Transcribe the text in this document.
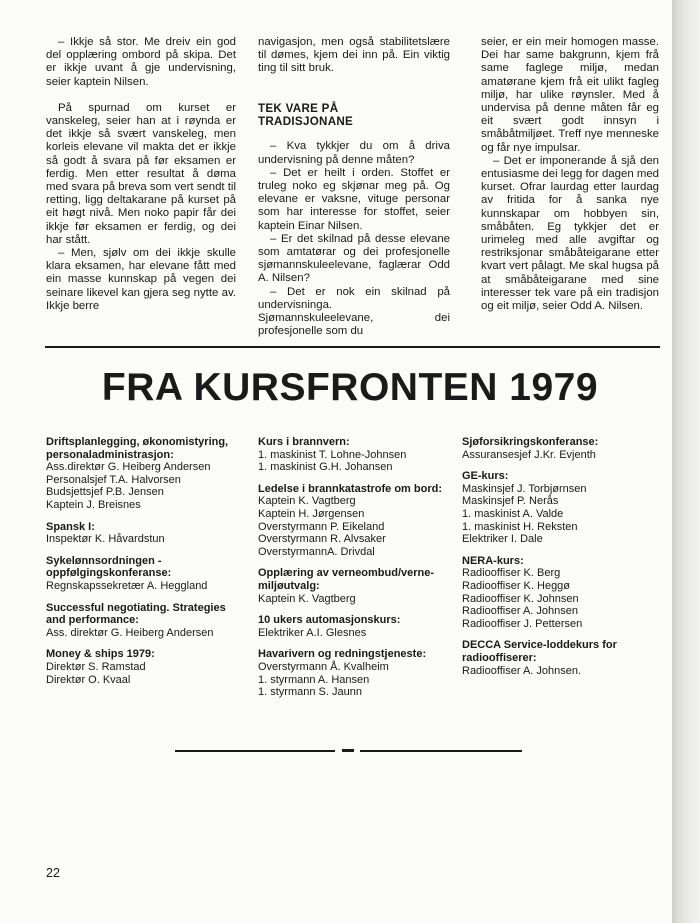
– Ikkje så stor. Me dreiv ein god del opplæring ombord på skipa. Det er ikkje uvant å gje undervisning, seier kaptein Nilsen.

På spurnad om kurset er vanskeleg, seier han at i røynda er det ikkje så svært vanskeleg, men korleis elevane vil makta det er ikkje så godt å svara på før eksamen er ferdig. Men etter resultat å døma med svara på breva som vert sendt til retting, ligg deltakarane på kurset på eit høgt nivå. Men noko papir får dei ikkje før eksamen er ferdig, og dei har stått.

– Men, sjølv om dei ikkje skulle klara eksamen, har elevane fått med ein masse kunnskap på vegen dei seinare likevel kan gjera seg nytte av. Ikkje berre

navigasjon, men også stabilitetslære til dømes, kjem dei inn på. Ein viktig ting til sitt bruk.

TEK VARE PÅ TRADISJONANE

– Kva tykkjer du om å driva undervisning på denne måten?

– Det er heilt i orden. Stoffet er truleg noko eg skjønar meg på. Og elevane er vaksne, vituge personar som har interesse for stoffet, seier kaptein Einar Nilsen.

– Er det skilnad på desse elevane som amtatørar og dei profesjonelle sjømannskuleelevane, faglærar Odd A. Nilsen?

– Det er nok ein skilnad på undervisninga. Sjømannskuleelevane, dei profesjonelle som du

seier, er ein meir homogen masse. Dei har same bakgrunn, kjem frå same faglege miljø, medan amatørane kjem frå eit ulikt fagleg miljø, har ulike røynsler. Med å undervisa på denne måten får eg eit svært godt innsyn i småbåtmiljøet. Treff nye menneske og får nye impulsar.

– Det er imponerande å sjå den entusiasme dei legg for dagen med kurset. Ofrar laurdag etter laurdag av fritida for å sanka nye kunnskapar om hobbyen sin, småbåten. Eg tykkjer det er urimeleg med alle avgiftar og restriksjonar småbåteigarane etter kvart vert pålagt. Me skal hugsa på at småbåteigarane med sine interesser tek vare på ein tradisjon og eit miljø, seier Odd A. Nilsen.

FRA KURSFRONTEN 1979
Driftsplanlegging, økonomistyring, personaladministrasjon:
Ass.direktør G. Heiberg Andersen
Personalsjef T.A. Halvorsen
Budsjettsjef P.B. Jensen
Kaptein J. Breisnes
Spansk I:
Inspektør K. Håvardstun
Sykelønnsordningen - oppfølgingskonferanse:
Regnskapssekretær A. Heggland
Successful negotiating. Strategies and performance:
Ass. direktør G. Heiberg Andersen
Money & ships 1979:
Direktør S. Ramstad
Direktør O. Kvaal
Kurs i brannvern:
1. maskinist T. Lohne-Johnsen
1. maskinist G.H. Johansen
Ledelse i brannkatastrofe om bord:
Kaptein K. Vagtberg
Kaptein H. Jørgensen
Overstyrmann P. Eikeland
Overstyrmann R. Alvsaker
OverstyrmannA. Drivdal
Opplæring av verneombud/verne-miljøutvalg:
Kaptein K. Vagtberg
10 ukers automasjonskurs:
Elektriker A.I. Glesnes
Havarivern og redningstjeneste:
Overstyrmann Å. Kvalheim
1. styrmann A. Hansen
1. styrmann S. Jaunn
Sjøforsikringskonferanse:
Assuransesjef J.Kr. Evjenth
GE-kurs:
Maskinsjef J. Torbjørnsen
Maskinsjef P. Nerås
1. maskinist A. Valde
1. maskinist H. Reksten
Elektriker I. Dale
NERA-kurs:
Radiooffiser K. Berg
Radiooffiser K. Heggø
Radiooffiser K. Johnsen
Radiooffiser A. Johnsen
Radiooffiser J. Pettersen
DECCA Service-loddekurs for radiooffiserer:
Radiooffiser A. Johnsen.
22
